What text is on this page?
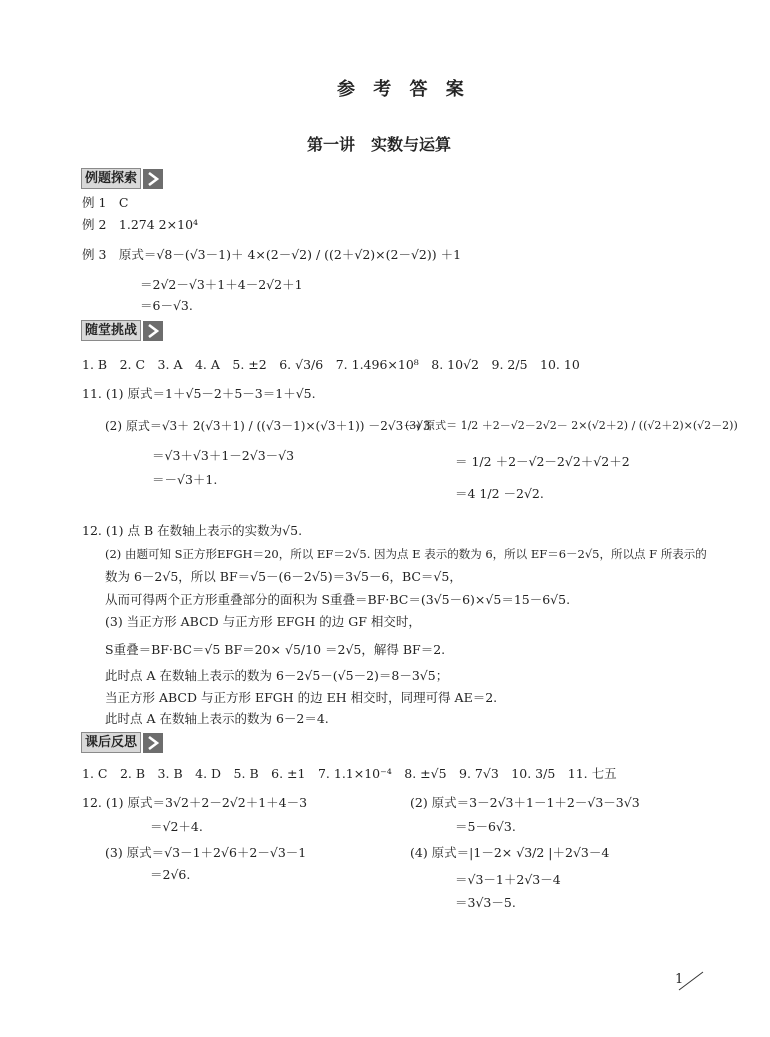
参 考 答 案
第一讲　实数与运算
例题探索
例 1　C
例 2　1.274 2×10⁴
例 3　原式＝√8－(√3－1)＋ 4×(2－√2) / ((2＋√2)×(2－√2)) ＋1
＝2√2－√3＋1＋4－2√2＋1
＝6－√3.
随堂挑战
1. B　2. C　3. A　4. A　5. ±2　6. √3/6　7. 1.496×10⁸　8. 10√2　9. 2/5　10. 10
11. (1) 原式＝1＋√5－2＋5－3＝1＋√5.
(2) 原式＝√3＋ 2(√3＋1) / ((√3－1)×(√3＋1)) －2√3－√3
＝√3＋√3＋1－2√3－√3
＝－√3＋1.
(3) 原式＝ 1/2 ＋2－√2－2√2－ 2×(√2＋2) / ((√2＋2)×(√2－2))
＝ 1/2 ＋2－√2－2√2＋√2＋2
＝4 1/2 －2√2.
12. (1) 点 B 在数轴上表示的实数为√5.
(2) 由题可知 S正方形EFGH＝20，所以 EF＝2√5. 因为点 E 表示的数为 6，所以 EF＝6－2√5，所以点 F 所表示的
数为 6－2√5，所以 BF＝√5－(6－2√5)＝3√5－6，BC＝√5，
从而可得两个正方形重叠部分的面积为 S重叠＝BF·BC＝(3√5－6)×√5＝15－6√5.
(3) 当正方形 ABCD 与正方形 EFGH 的边 GF 相交时，
S重叠＝BF·BC＝√5 BF＝20× √5/10 ＝2√5，解得 BF＝2.
此时点 A 在数轴上表示的数为 6－2√5－(√5－2)＝8－3√5；
当正方形 ABCD 与正方形 EFGH 的边 EH 相交时，同理可得 AE＝2.
此时点 A 在数轴上表示的数为 6－2＝4.
课后反思
1. C　2. B　3. B　4. D　5. B　6. ±1　7. 1.1×10⁻⁴　8. ±√5　9. 7√3　10. 3/5　11. 七五
12. (1) 原式＝3√2＋2－2√2＋1＋4－3
＝√2＋4.
(3) 原式＝√3－1＋2√6＋2－√3－1
＝2√6.
(2) 原式＝3－2√3＋1－1＋2－√3－3√3
＝5－6√3.
(4) 原式＝|1－2× √3/2 |＋2√3－4
＝√3－1＋2√3－4
＝3√3－5.
1
